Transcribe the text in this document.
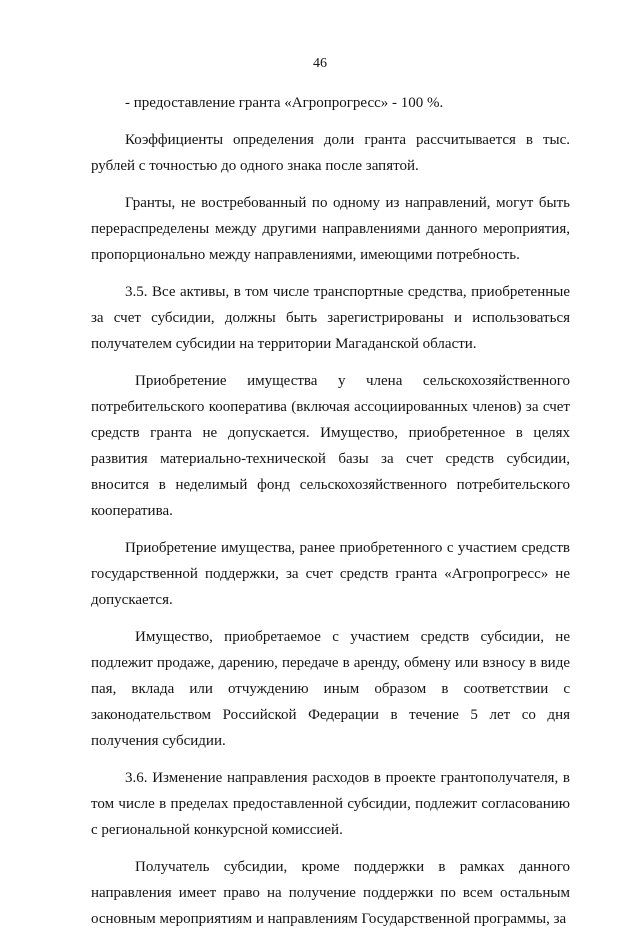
46

- предоставление гранта «Агропрогресс» - 100 %.

Коэффициенты определения доли гранта рассчитывается в тыс. рублей с точностью до одного знака после запятой.

Гранты, не востребованный по одному из направлений, могут быть перераспределены между другими направлениями данного мероприятия, пропорционально между направлениями, имеющими потребность.

3.5. Все активы, в том числе транспортные средства, приобретенные за счет субсидии, должны быть зарегистрированы и использоваться получателем субсидии на территории Магаданской области.

Приобретение имущества у члена сельскохозяйственного потребительского кооператива (включая ассоциированных членов) за счет средств гранта не допускается. Имущество, приобретенное в целях развития материально-технической базы за счет средств субсидии, вносится в неделимый фонд сельскохозяйственного потребительского кооператива.

Приобретение имущества, ранее приобретенного с участием средств государственной поддержки, за счет средств гранта «Агропрогресс» не допускается.

Имущество, приобретаемое с участием средств субсидии, не подлежит продаже, дарению, передаче в аренду, обмену или взносу в виде пая, вклада или отчуждению иным образом в соответствии с законодательством Российской Федерации в течение 5 лет со дня получения субсидии.

3.6. Изменение направления расходов в проекте грантополучателя, в том числе в пределах предоставленной субсидии, подлежит согласованию с региональной конкурсной комиссией.

Получатель субсидии, кроме поддержки в рамках данного направления имеет право на получение поддержки по всем остальным основным мероприятиям и направлениям Государственной программы, за
